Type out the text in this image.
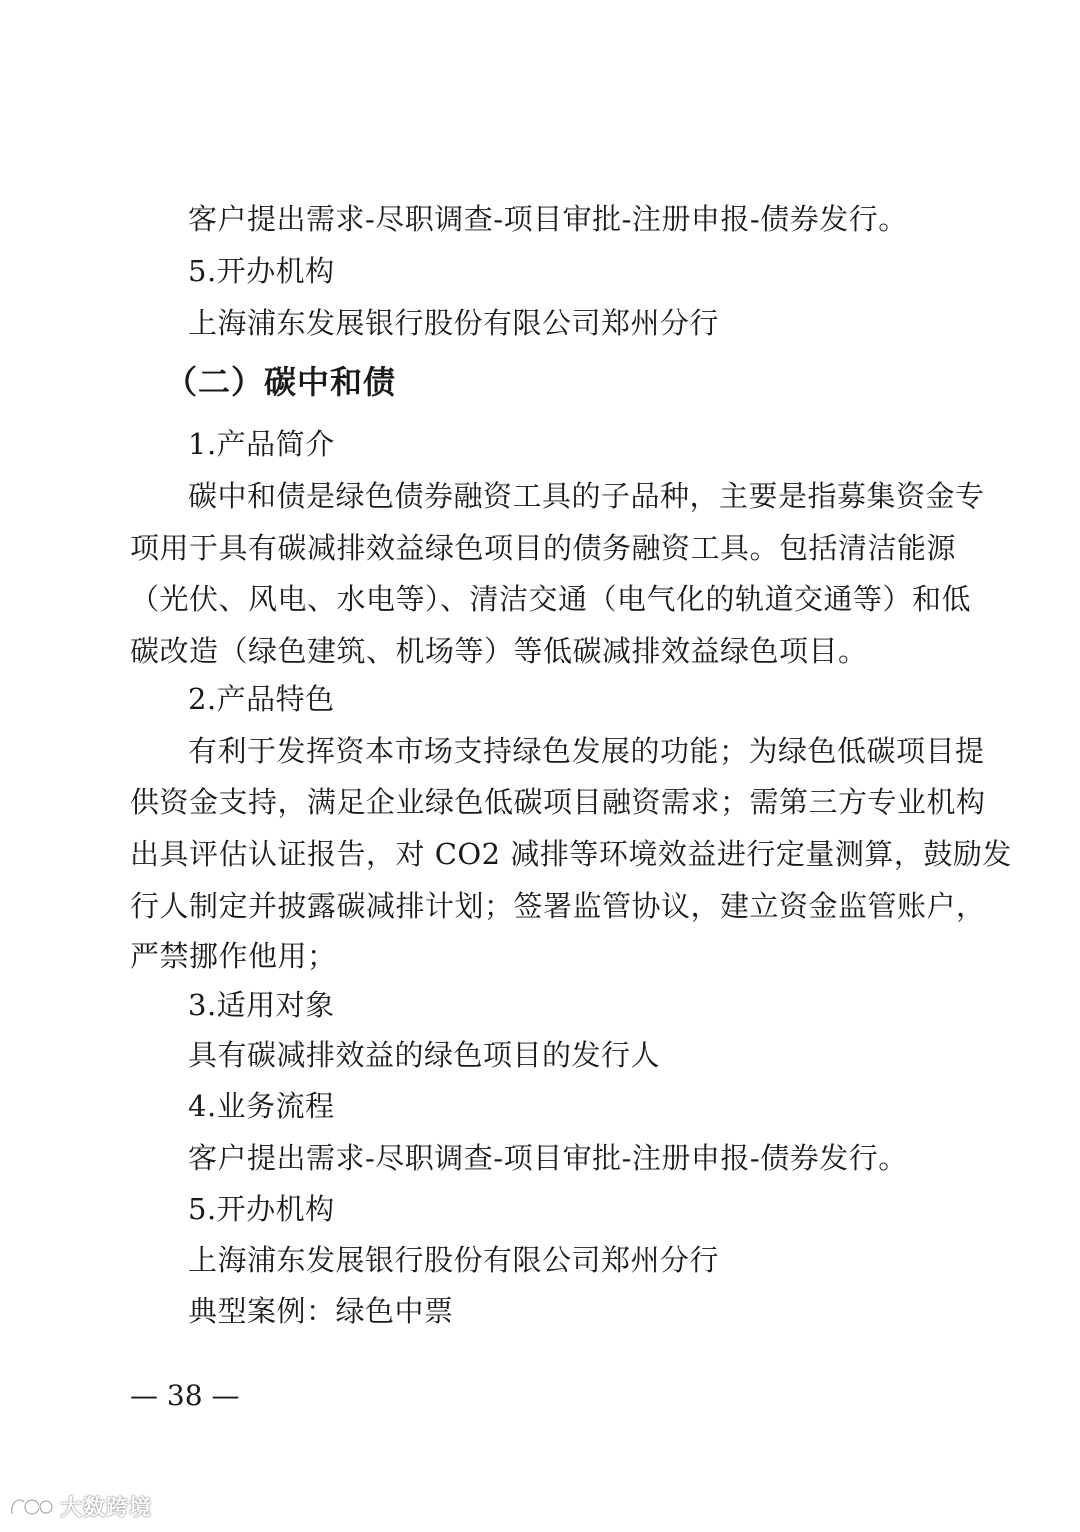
客户提出需求-尽职调查-项目审批-注册申报-债券发行。
5.开办机构
上海浦东发展银行股份有限公司郑州分行
（二）碳中和债
1.产品简介
碳中和债是绿色债券融资工具的子品种，主要是指募集资金专
项用于具有碳减排效益绿色项目的债务融资工具。包括清洁能源
（光伏、风电、水电等）、清洁交通（电气化的轨道交通等）和低
碳改造（绿色建筑、机场等）等低碳减排效益绿色项目。
2.产品特色
有利于发挥资本市场支持绿色发展的功能；为绿色低碳项目提
供资金支持，满足企业绿色低碳项目融资需求；需第三方专业机构
出具评估认证报告，对 CO2 减排等环境效益进行定量测算，鼓励发
行人制定并披露碳减排计划；签署监管协议，建立资金监管账户，
严禁挪作他用；
3.适用对象
具有碳减排效益的绿色项目的发行人
4.业务流程
客户提出需求-尽职调查-项目审批-注册申报-债券发行。
5.开办机构
上海浦东发展银行股份有限公司郑州分行
典型案例：绿色中票
— 38 —
大数跨境
